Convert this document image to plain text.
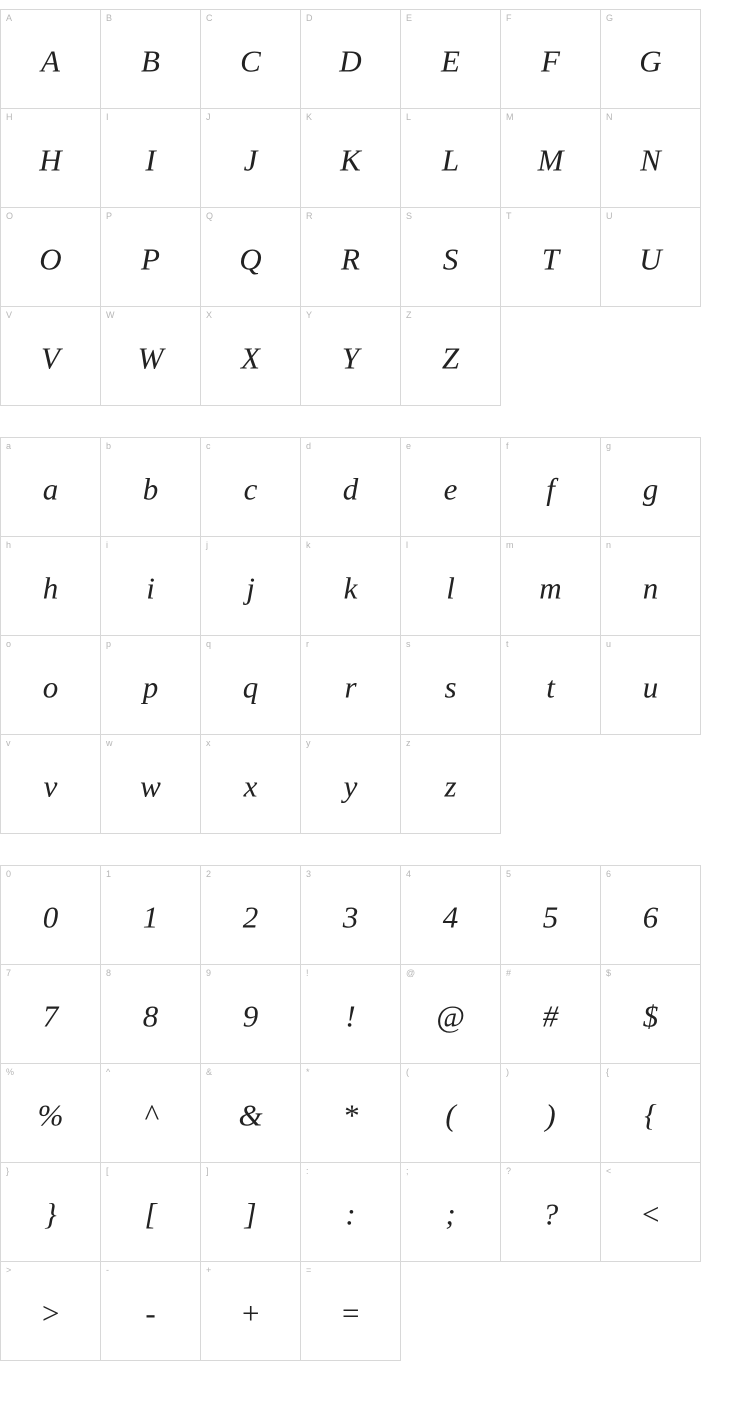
A
A
B
B
C
C
D
D
E
E
F
F
G
G
H
H
I
I
J
J
K
K
L
L
M
M
N
N
O
O
P
P
Q
Q
R
R
S
S
T
T
U
U
V
V
W
W
X
X
Y
Y
Z
Z
a
a
b
b
c
c
d
d
e
e
f
f
g
g
h
h
i
i
j
j
k
k
l
l
m
m
n
n
o
o
p
p
q
q
r
r
s
s
t
t
u
u
v
v
w
w
x
x
y
y
z
z
0
0
1
1
2
2
3
3
4
4
5
5
6
6
7
7
8
8
9
9
!
!
@
@
#
#
$
$
%
%
^
^
&
&
*
*
(
(
)
)
{
{
}
}
[
[
]
]
:
:
;
;
?
?
<
<
>
>
-
-
+
+
=
=
